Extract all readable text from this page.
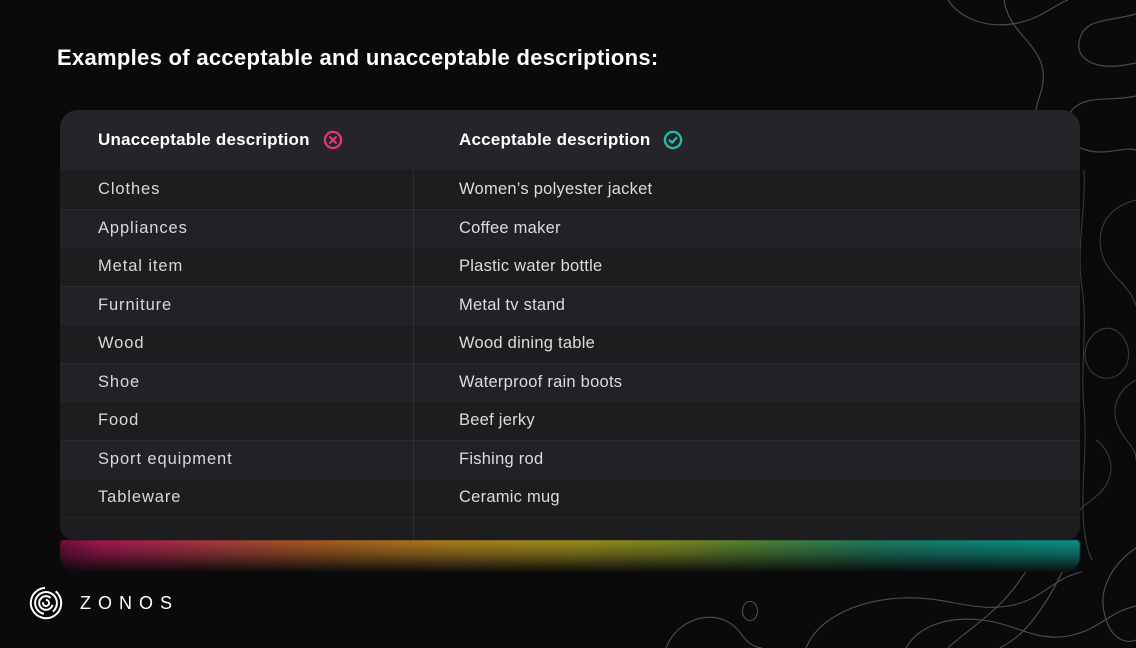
Examples of acceptable and unacceptable descriptions:
Unacceptable description	Acceptable description
Clothes	Women’s polyester jacket
Appliances	Coffee maker
Metal item	Plastic water bottle
Furniture	Metal tv stand
Wood	Wood dining table
Shoe	Waterproof rain boots
Food	Beef jerky
Sport equipment	Fishing rod
Tableware	Ceramic mug
ZONOS
